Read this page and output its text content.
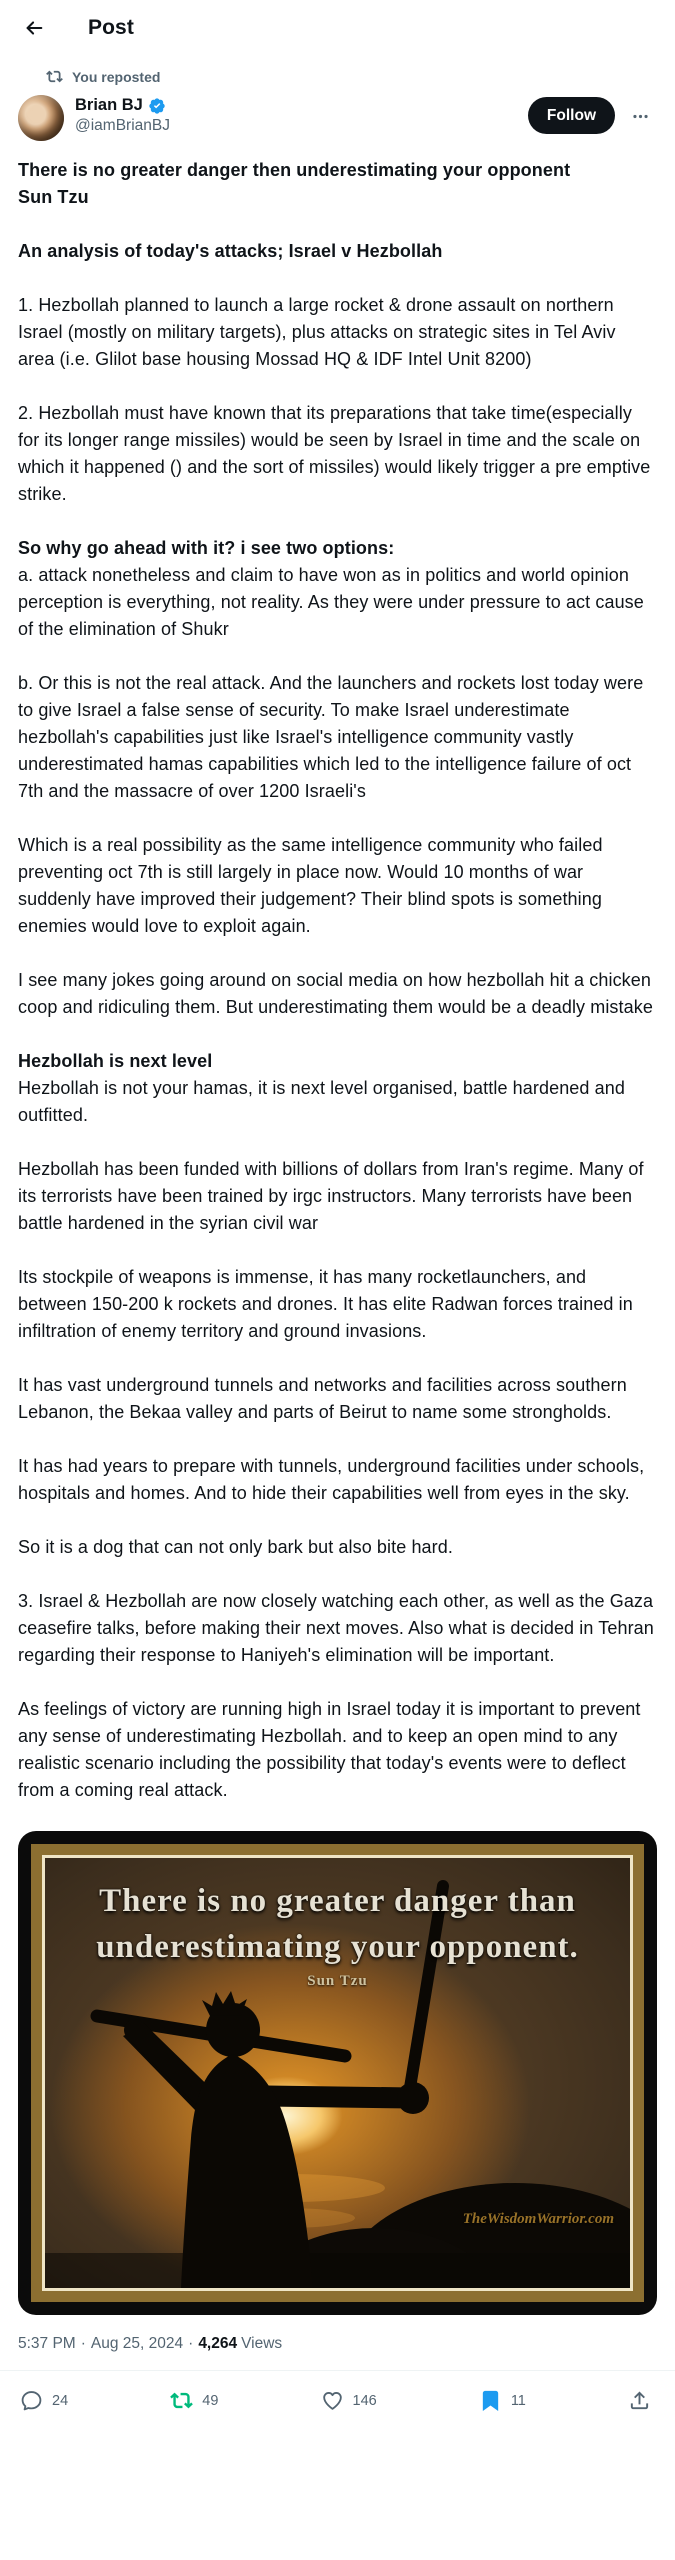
Post
You reposted
Brian BJ
@iamBrianBJ
Follow

There is no greater danger then underestimating your opponent
Sun Tzu

An analysis of today's attacks; Israel v Hezbollah

1. Hezbollah planned to launch a large rocket & drone assault on northern Israel (mostly on military targets), plus attacks on strategic sites in Tel Aviv area (i.e. Glilot base housing Mossad HQ & IDF Intel Unit 8200)

2. Hezbollah must have known that its preparations that take time(especially for its longer range missiles) would be seen by Israel in time and the scale on which it happened () and the sort of missiles) would likely trigger a pre emptive strike.

So why go ahead with it? i see two options:
a. attack nonetheless and claim to have won as in politics and world opinion perception is everything, not reality. As they were under pressure to act cause of the elimination of Shukr

b. Or this is not the real attack. And the launchers and rockets lost today were to give Israel a false sense of security. To make Israel underestimate hezbollah's capabilities just like Israel's intelligence community vastly underestimated hamas capabilities which led to the intelligence failure of oct 7th and the massacre of over 1200 Israeli's

Which is a real possibility as the same intelligence community who failed preventing oct 7th is still largely in place now. Would 10 months of war suddenly have improved their judgement? Their blind spots is something enemies would love to exploit again.

I see many jokes going around on social media on how hezbollah hit a chicken coop and ridiculing them. But underestimating them would be a deadly mistake

Hezbollah is next level
Hezbollah is not your hamas, it is next level organised, battle hardened and outfitted.

Hezbollah has been funded with billions of dollars from Iran's regime. Many of its terrorists have been trained by irgc instructors. Many terrorists have been battle hardened in the syrian civil war

Its stockpile of weapons is immense, it has many rocketlaunchers, and between 150-200 k rockets and drones. It has elite Radwan forces trained in infiltration of enemy territory and ground invasions.

It has vast underground tunnels and networks and facilities across southern Lebanon, the Bekaa valley and parts of Beirut to name some strongholds.

It has had years to prepare with tunnels, underground facilities under schools, hospitals and homes. And to hide their capabilities well from eyes in the sky.

So it is a dog that can not only bark but also bite hard.

3. Israel & Hezbollah are now closely watching each other, as well as the Gaza ceasefire talks, before making their next moves. Also what is decided in Tehran regarding their response to Haniyeh's elimination will be important.

As feelings of victory are running high in Israel today it is important to prevent any sense of underestimating Hezbollah. and to keep an open mind to any realistic scenario including the possibility that today's events were to deflect from a coming real attack.

There is no greater danger than
underestimating your opponent.
Sun Tzu
TheWisdomWarrior.com
5:37 PM · Aug 25, 2024 · 4,264 Views
24	49	146	11
